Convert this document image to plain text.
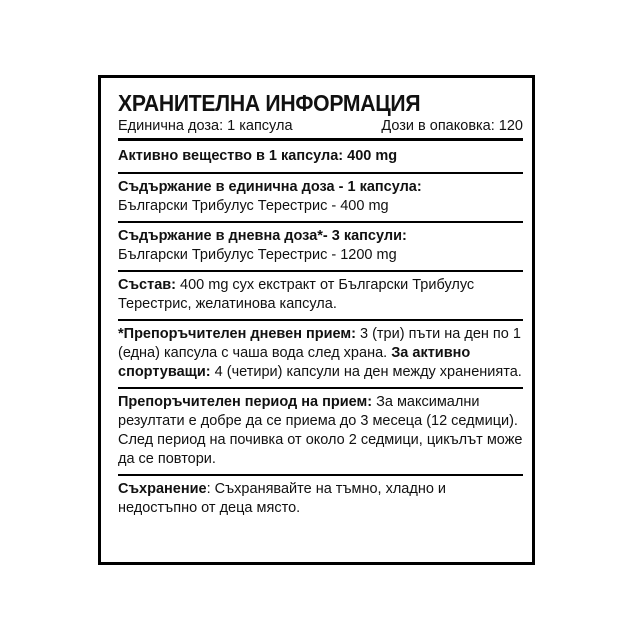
ХРАНИТЕЛНА ИНФОРМАЦИЯ
Единична доза: 1 капсула	Дози в опаковка: 120
Активно вещество в 1 капсула: 400 mg
Съдържание в единична доза - 1 капсула:
Български Трибулус Терестрис - 400 mg
Съдържание в дневна доза*- 3 капсули:
Български Трибулус Терестрис - 1200 mg
Състав: 400 mg сух екстракт от Български Трибулус Терестрис, желатинова капсула.
*Препоръчителен дневен прием: 3 (три) пъти на ден по 1 (една) капсула с чаша вода след храна. За активно спортуващи: 4 (четири) капсули на ден между храненията.
Препоръчителен период на прием: За максимални резултати е добре да се приема до 3 месеца (12 седмици). След период на почивка от около 2 седмици, цикълът може да се повтори.
Съхранение: Съхранявайте на тъмно, хладно и недостъпно от деца място.
